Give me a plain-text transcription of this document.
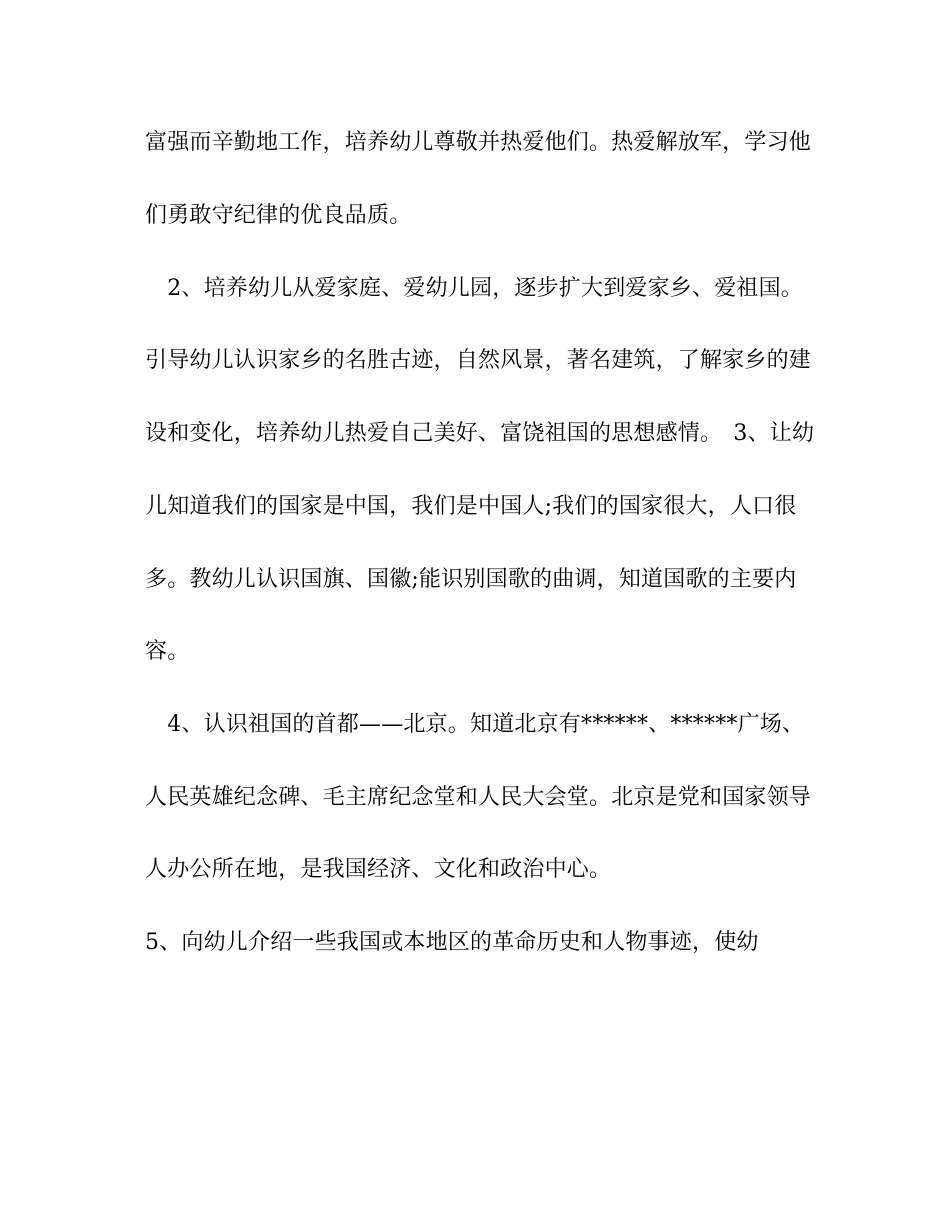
富强而辛勤地工作，培养幼儿尊敬并热爱他们。热爱解放军，学习他
们勇敢守纪律的优良品质。
　2、培养幼儿从爱家庭、爱幼儿园，逐步扩大到爱家乡、爱祖国。
引导幼儿认识家乡的名胜古迹，自然风景，著名建筑，了解家乡的建
设和变化，培养幼儿热爱自己美好、富饶祖国的思想感情。　3、让幼
儿知道我们的国家是中国，我们是中国人;我们的国家很大，人口很
多。教幼儿认识国旗、国徽;能识别国歌的曲调，知道国歌的主要内
容。
　4、认识祖国的首都——北京。知道北京有******、******广场、
人民英雄纪念碑、毛主席纪念堂和人民大会堂。北京是党和国家领导
人办公所在地，是我国经济、文化和政治中心。
5、向幼儿介绍一些我国或本地区的革命历史和人物事迹，使幼
